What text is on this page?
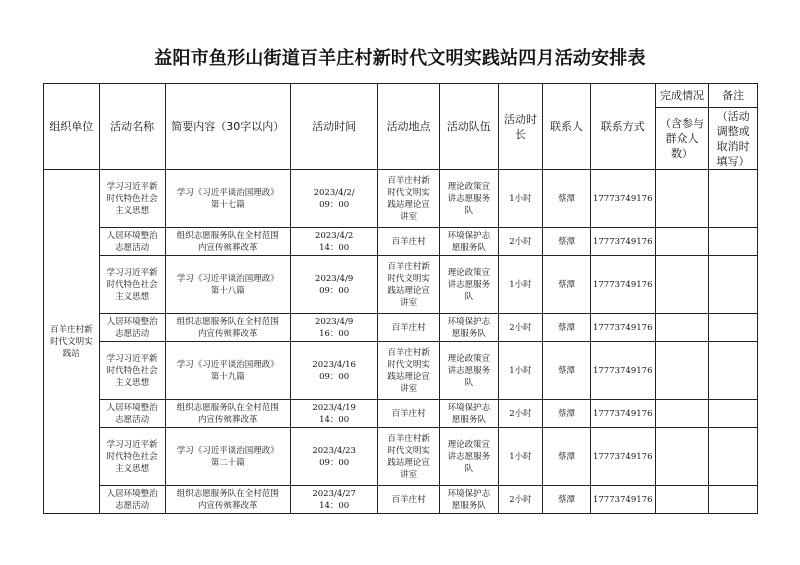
益阳市鱼形山街道百羊庄村新时代文明实践站四月活动安排表
组织单位	活动名称	简要内容（30字以内）	活动时间	活动地点	活动队伍	活动时
长	联系人	联系方式	完成情况	备注

									（含参与
群众人
数）	（活动
调整或
取消时
填写）

百羊庄村新
时代文明实
践站	学习习近平新
时代特色社会
主义思想	学习《习近平谈治国理政》
第十七篇	2023/4/2/
09：00	百羊庄村新
时代文明实
践站理论宣
讲室	理论政策宣
讲志愿服务
队	1小时	蔡潭	17773749176		

	人居环境整治
志愿活动	组织志愿服务队在全村范围
内宣传殡葬改革	2023/4/2
14：00	百羊庄村	环境保护志
愿服务队	2小时	蔡潭	17773749176		

	学习习近平新
时代特色社会
主义思想	学习《习近平谈治国理政》
第十八篇	2023/4/9
09：00	百羊庄村新
时代文明实
践站理论宣
讲室	理论政策宣
讲志愿服务
队	1小时	蔡潭	17773749176		

	人居环境整治
志愿活动	组织志愿服务队在全村范围
内宣传殡葬改革	2023/4/9
16：00	百羊庄村	环境保护志
愿服务队	2小时	蔡潭	17773749176		

	学习习近平新
时代特色社会
主义思想	学习《习近平谈治国理政》
第十九篇	2023/4/16
09：00	百羊庄村新
时代文明实
践站理论宣
讲室	理论政策宣
讲志愿服务
队	1小时	蔡潭	17773749176		

	人居环境整治
志愿活动	组织志愿服务队在全村范围
内宣传殡葬改革	2023/4/19
14：00	百羊庄村	环境保护志
愿服务队	2小时	蔡潭	17773749176		

	学习习近平新
时代特色社会
主义思想	学习《习近平谈治国理政》
第二十篇	2023/4/23
09：00	百羊庄村新
时代文明实
践站理论宣
讲室	理论政策宣
讲志愿服务
队	1小时	蔡潭	17773749176		

	人居环境整治
志愿活动	组织志愿服务队在全村范围
内宣传殡葬改革	2023/4/27
14：00	百羊庄村	环境保护志
愿服务队	2小时	蔡潭	17773749176		
